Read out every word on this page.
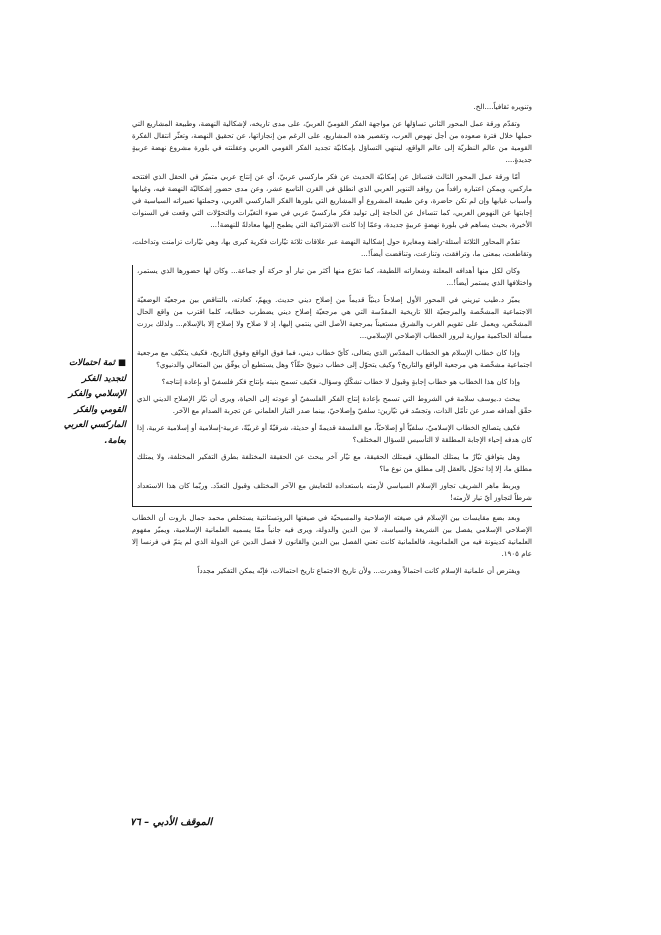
وتنويره ثقافياً....الخ.

وتقدّم ورقة عمل المحور الثاني تساؤلها عن مواجهة الفكر القوميّ العربيّ، على مدى تاريخه، لإشكالية النهضة، وطبيعة المشاريع التي حملها خلال فترة صعوده من أجل نهوض العرب، وتقصير هذه المشاريع، على الرغم من إنجازاتها، عن تحقيق النهضة، وتعثّر انتقال الفكرة القومية من عالم النظريّة إلى عالم الواقع، لينتهي التساؤل بإمكانيّة تجديد الفكر القومي العربي وعقلنته في بلورة مشروع نهضة عربيةٍ جديدةٍ....

أمّا ورقة عمل المحور الثالث فتسائل عن إمكانيّة الحديث عن فكر ماركسي عربيّ، أي عن إنتاج عربي متميّز في الحقل الذي افتتحه ماركس، ويمكن اعتباره رافداً من روافد التنوير العربي الذي انطلق في القرن التاسع عشر، وعن مدى حضور إشكاليّة النهضة فيه، وغيابها وأسباب غيابها وإن لم تكن حاضرة، وعن طبيعة المشروع أو المشاريع التي بلورها الفكر الماركسي العربي، وحملتها تعبيراته السياسية في إجابتها عن النهوض العربي، كما تتساءل عن الحاجة إلى توليد فكر ماركسيّ عربي في ضوء التغيّرات والتحوّلات التي وقعت في السنوات الأخيرة، بحيث يساهم في بلورة نهضةٍ عربيةٍ جديدة، وعمّا إذا كانت الاشتراكية التي يطمح إليها معادلةً للنهضة!...

تقدّم المحاور الثلاثة أسئلة-راهنة ومغايرة حول إشكالية النهضة عبر علاقات ثلاثة تيّارات فكرية كبرى بها، وهي تيّارات تزامنت وتداخلت، وتقاطعت، بمعنى ما، وترافقت، وتنازعت، وتناقضت أيضاً!...

وكان لكل منها أهدافه المعلنة وشعاراته اللطيفة، كما تفرّع منها أكثر من تيار أو حركة أو جماعة... وكان لها حضورها الذي يستمر، واختلافها الذي يستمر أيضاً!...

يميّز د.طيب تيزيني في المحور الأول إصلاحاً دينيّاً قديماً من إصلاح ديني حديث. ويهمّ، كعادته، بالتناقض بين مرجعيّة الوضعيّة الاجتماعية المشخّصة والمرجعيّة اللا تاريخية المقدّسة التي هي مرجعيّة إصلاح ديني يضطرب خطابه، كلما اقترب من واقع الحال المشخّص، ويعمل على تقويم الغرب والشرق مستعيناً بمرجعية الأصل التي ينتمي إليها، إذ لا صلاح ولا إصلاح إلا بالإسلام... ولذلك برزت مسألة الحاكمية موازية لبروز الخطاب الإصلاحي الإسلامي...

وإذا كان خطاب الإسلام هو الخطاب المقدّس الذي يتعالى، كأيّ خطاب ديني، فما فوق الواقع وفوق التاريخ، فكيف يتكيّف مع مرجعية اجتماعية مشخّصة هي مرجعية الواقع والتاريخ؟ وكيف يتحوّل إلى خطاب دنيويّ حقّاً؟ وهل يستطيع أن يوفّق بين المتعالي والدنيوي؟

وإذا كان هذا الخطاب هو خطاب إجابةٍ وقبول لا خطاب تشكّكٍ وسؤال، فكيف تسمح بنيته بإنتاج فكر فلسفيّ أو بإعادة إنتاجه؟

يبحث د.يوسف سلامة في الشروط التي تسمح بإعادة إنتاج الفكر الفلسفيّ أو عودته إلى الحياة، ويرى أن تيّار الإصلاح الديني الذي حقّق أهدافه صدر عن تأمّل الذات، وتجسّد في تيّارين: سلفيّ وإصلاحيّ، بينما صدر التيار العلماني عن تجربة الصدام مع الآخر.

فكيف يتصالح الخطاب الإسلاميّ، سلفيّاً أو إصلاحيّاً، مع الفلسفة قديمةً أو حديثة، شرقيّةً أو غربيّةً، عربية-إسلامية أو إسلامية عربية، إذا كان هدفه إحياء الإجابة المطلقة لا التأسيس للسؤال المختلف؟

وهل يتوافق تيّارٌ ما يمتلك المطلق، فيمتلك الحقيقة، مع تيّار آخر يبحث عن الحقيقة المختلفة بطرق التفكير المختلفة، ولا يمتلك مطلق ما، إلا إذا تحوّل بالعقل إلى مطلق من نوع ما؟

ويربط ماهر الشريف تجاوز الإسلام السياسي لأزمته باستعداده للتعايش مع الآخر المختلف وقبول التعدّد. وربّما كان هذا الاستعداد شرطاً لتجاوز أيّ تيار لأزمته!

وبعد بضع مقايسات بين الإسلام في صيغته الإصلاحية والمسيحيّة في صيغتها البروتستانتية يستخلص محمد جمال باروت أن الخطاب الإصلاحي الإسلامي يفصل بين الشريعة والسياسة، لا بين الدين والدولة، ويرى فيه جانباً ممّا يسميه العلمانية الإسلامية، ويميّز مفهوم العلمانية كدينونة فيه من العلمانوية، فالعلمانية كانت تعني الفصل بين الدين والقانون لا فصل الدين عن الدولة الذي لم يتمّ في فرنسا إلا عام ١٩٠٥.

ويفترض أن علمانية الإسلام كانت احتمالاً وهدرت... ولأن تاريخ الاجتماع تاريخ احتمالات، فإنّه يمكن التفكير مجدداً

■ثمة احتمالات
لتجديد الفكر
الإسلامي والفكر
القومي والفكر
الماركسي العربي
بعامة.
الموقف الأدبي – ٧٦
